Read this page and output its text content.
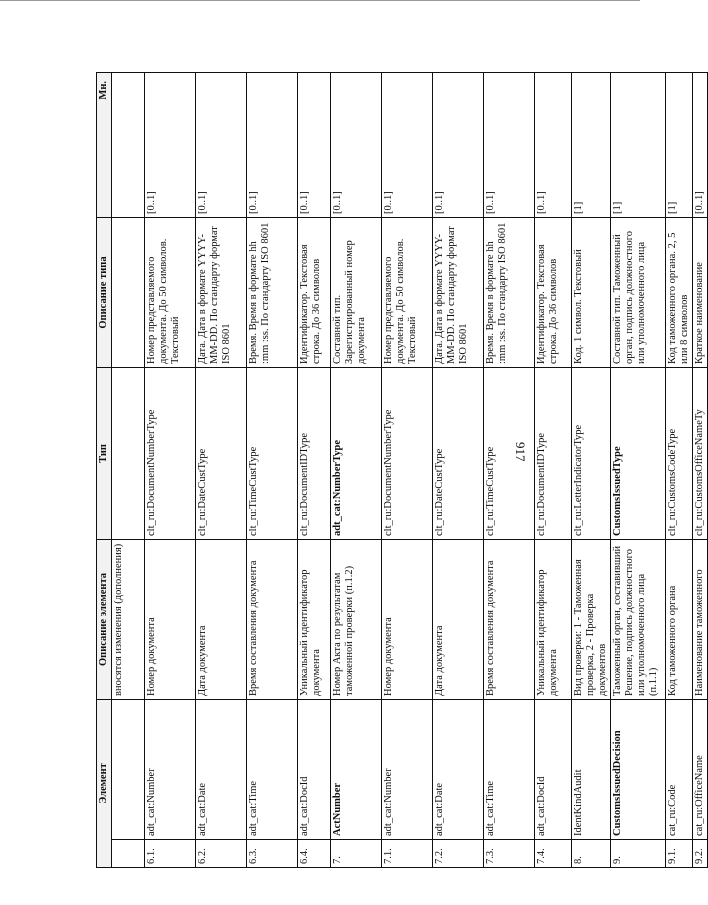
917
Элемент		Описание элемента	Тип	Описание типа	Мн.
		вносятся изменения (дополнения)			
6.1.	adt_cat:Number	Номер документа	clt_ru:DocumentNumberType	Номер представляемого документа. До 50 символов. Текстовый	[0..1]
6.2.	adt_cat:Date	Дата документа	clt_ru:DateCustType	Дата. Дата в формате YYYY-MM-DD. По стандарту формат ISO 8601	[0..1]
6.3.	adt_cat:Time	Время составления документа	clt_ru:TimeCustType	Время. Время в формате hh :mm :ss. По стандарту ISO 8601	[0..1]
6.4.	adt_cat:DocId	Уникальный идентификатор документа	clt_ru:DocumentIDType	Идентификатор. Текстовая строка. До 36 символов	[0..1]
7.	ActNumber	Номер Акта по результатам таможенной проверки (п.1.2)	adt_cat:NumberType	Составной тип. Зарегистрированный номер документа	[0..1]
7.1.	adt_cat:Number	Номер документа	clt_ru:DocumentNumberType	Номер представляемого документа. До 50 символов. Текстовый	[0..1]
7.2.	adt_cat:Date	Дата документа	clt_ru:DateCustType	Дата. Дата в формате YYYY-MM-DD. По стандарту формат ISO 8601	[0..1]
7.3.	adt_cat:Time	Время составления документа	clt_ru:TimeCustType	Время. Время в формате hh :mm :ss. По стандарту ISO 8601	[0..1]
7.4.	adt_cat:DocId	Уникальный идентификатор документа	clt_ru:DocumentIDType	Идентификатор. Текстовая строка. До 36 символов	[0..1]
8.	IdentKindAudit	Вид проверки: 1 - Таможенная проверка, 2 - Проверка документов	clt_ru:LetterIndicatorType	Код. 1 символ. Текстовый	[1]
9.	CustomsIssuedDecision	Таможенный орган, составивший Решение, подпись должностного или уполномоченного лица (п.1.1)	CustomsIssuedType	Составной тип. Таможенный орган, подпись должностного или уполномоченного лица	[1]
9.1.	cat_ru:Code	Код таможенного органа	clt_ru:CustomsCodeType	Код таможенного органа. 2, 5 или 8 символов	[1]
9.2.	cat_ru:OfficeName	Наименование таможенного	clt_ru:CustomsOfficeNameTy	Краткое наименование	[0..1]
